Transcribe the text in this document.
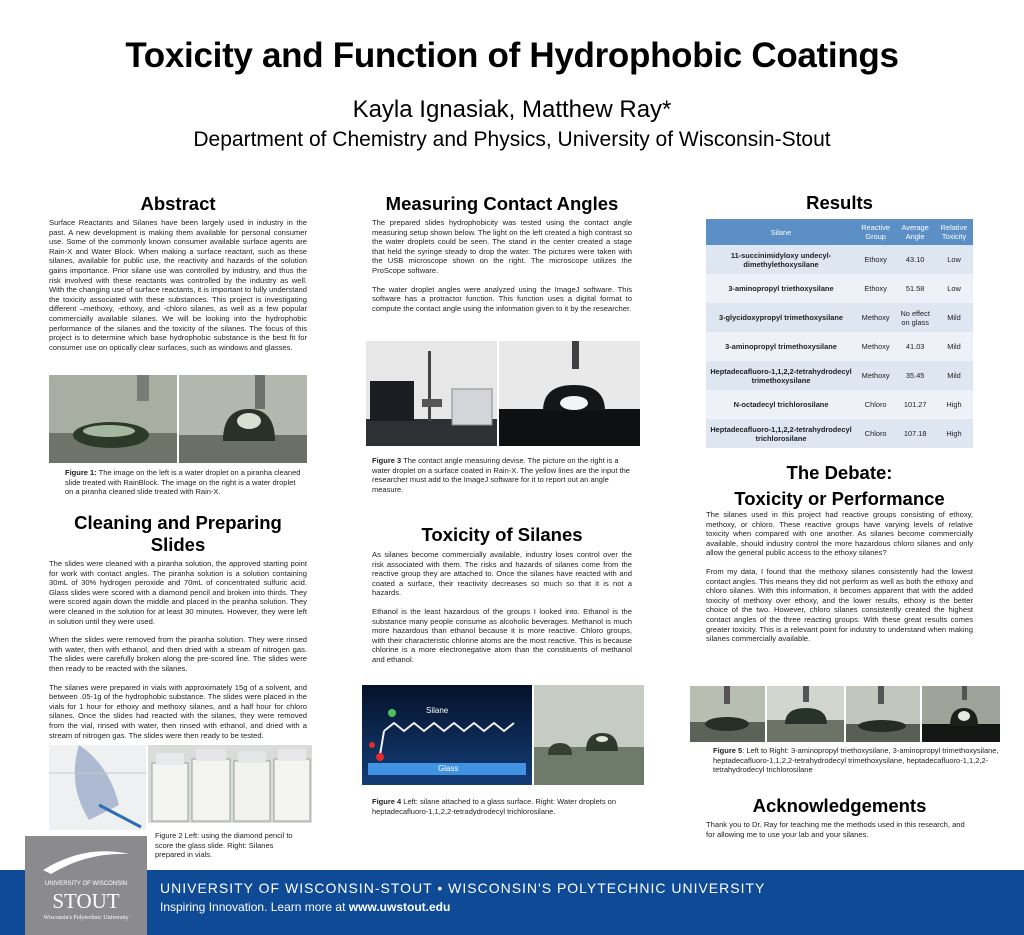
Toxicity and Function of Hydrophobic Coatings
Kayla Ignasiak, Matthew Ray*
Department of Chemistry and Physics, University of Wisconsin-Stout
Abstract
Surface Reactants and Silanes have been largely used in industry in the past. A new development is making them available for personal consumer use. Some of the commonly known consumer available surface agents are Rain-X and Water Block. When making a surface reactant, such as these silanes, available for public use, the reactivity and hazards of the solution gains importance. Prior silane use was controlled by industry, and thus the risk involved with these reactants was controlled by the industry as well. With the changing use of surface reactants, it is important to fully understand the toxicity associated with these substances. This project is investigating different –methoxy, -ethoxy, and -chloro silanes, as well as a few popular commercially available silanes. We will be looking into the hydrophobic performance of the silanes and the toxicity of the silanes. The focus of this project is to determine which base hydrophobic substance is the best fit for consumer use on optically clear surfaces, such as windows and glasses.
Figure 1: The image on the left is a water droplet on a piranha cleaned slide treated with RainBlock. The image on the right is a water droplet on a piranha cleaned slide treated with Rain-X.
Cleaning and Preparing Slides
The slides were cleaned with a piranha solution, the approved starting point for work with contact angles. The piranha solution is a solution containing 30mL of 30% hydrogen peroxide and 70mL of concentrated sulfuric acid. Glass slides were scored with a diamond pencil and broken into thirds. They were scored again down the middle and placed in the piranha solution. They were cleaned in the solution for at least 30 minutes. However, they were left in solution until they were used.
When the slides were removed from the piranha solution. They were rinsed with water, then with ethanol, and then dried with a stream of nitrogen gas. The slides were carefully broken along the pre-scored line. The slides were then ready to be reacted with the silanes.
The silanes were prepared in vials with approximately 15g of a solvent, and between .05-1g of the hydrophobic substance. The slides were placed in the vials for 1 hour for ethoxy and methoxy silanes, and a half hour for chloro silanes. Once the slides had reacted with the silanes, they were removed from the vial, rinsed with water, then rinsed with ethanol, and dried with a stream of nitrogen gas. The slides were then ready to be tested.
Figure 2 Left: using the diamond pencil to score the glass slide. Right: Silanes prepared in vials.
Measuring Contact Angles
The prepared slides hydrophobicity was tested using the contact angle measuring setup shown below. The light on the left created a high contrast so the water droplets could be seen. The stand in the center created a stage that held the syringe steady to drop the water. The pictures were taken with the USB microscope shown on the right. The microscope utilizes the ProScope software.
The water droplet angles were analyzed using the ImageJ software. This software has a protractor function. This function uses a digital format to compute the contact angle using the information given to it by the researcher.
Figure 3 The contact angle measuring devise. The picture on the right is a water droplet on a surface coated in Rain-X. The yellow lines are the input the researcher must add to the ImageJ software for it to report out an angle measure.
Toxicity of Silanes
As silanes become commercially available, industry loses control over the risk associated with them. The risks and hazards of silanes come from the reactive group they are attached to. Once the silanes have reacted with and coated a surface, their reactivity decreases so much so that it is not a hazards.
Ethanol is the least hazardous of the groups I looked into. Ethanol is the substance many people consume as alcoholic beverages. Methanol is much more hazardous than ethanol because it is more reactive. Chloro groups, with their characteristic chlorine atoms are the most reactive. This is because chlorine is a more electronegative atom than the constituents of methanol and ethanol.
Silane
Glass
Figure 4 Left: silane attached to a glass surface. Right: Water droplets on heptadecafluoro-1,1,2,2-tetradydrodecyl trichlorosilane.
Results
Silane	Reactive Group	Average Angle	Relative Toxicity
11-succinimidyloxy undecyl-dimethylethoxysilane	Ethoxy	43.10	Low
3-aminopropyl triethoxysilane	Ethoxy	51.58	Low
3-glycidoxypropyl trimethoxysilane	Methoxy	No effect on glass	Mild
3-aminopropyl trimethoxysilane	Methoxy	41.03	Mild
Heptadecafluoro-1,1,2,2-tetrahydrodecyl trimethoxysilane	Methoxy	35.45	Mild
N-octadecyl trichlorosilane	Chloro	101.27	High
Heptadecafluoro-1,1,2,2-tetrahydrodecyl trichlorosilane	Chloro	107.18	High
The Debate:
Toxicity or Performance
The silanes used in this project had reactive groups consisting of ethoxy, methoxy, or chloro. These reactive groups have varying levels of relative toxicity when compared with one another. As silanes become commercially available, should industry control the more hazardous chloro silanes and only allow the general public access to the ethoxy silanes?
From my data, I found that the methoxy silanes consistently had the lowest contact angles. This means they did not perform as well as both the ethoxy and chloro silanes. With this information, it becomes apparent that with the added toxicity of methoxy over ethoxy, and the lower results, ethoxy is the better choice of the two. However, chloro silanes consistently created the highest contact angles of the three reacting groups. With these great results comes greater toxicity. This is a relevant point for industry to understand when making silanes commercially available.
Figure 5: Left to Right: 3-aminopropyl triethoxysilane, 3-aminopropyl trimethoxysilane, heptadecafluoro-1,1,2,2-tetrahydrodecyl trimethoxysilane, heptadecafluoro-1,1,2,2-tetrahydrodecyl trichlorosilane
Acknowledgements
Thank you to Dr. Ray for teaching me the methods used in this research, and for allowing me to use your lab and your silanes.
UNIVERSITY OF WISCONSIN
STOUT
Wisconsin's Polytechnic University
UNIVERSITY OF WISCONSIN-STOUT • WISCONSIN'S POLYTECHNIC UNIVERSITY
Inspiring Innovation. Learn more at www.uwstout.edu
